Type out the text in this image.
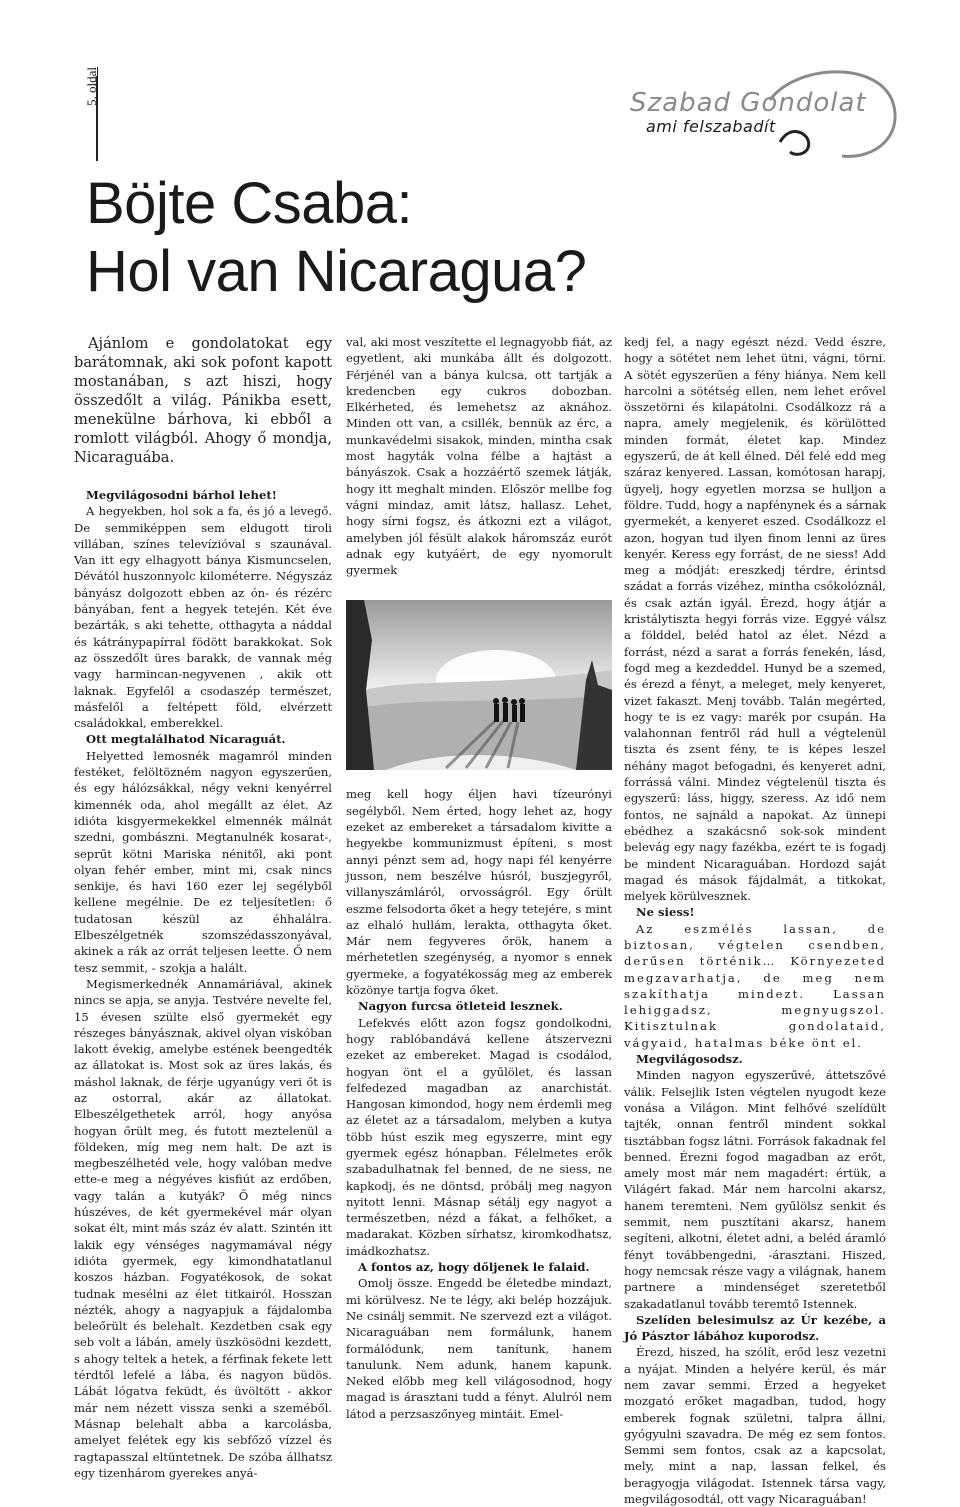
5. oldal	Szabad Gondolat
ami felszabadít
Böjte Csaba:
Hol van Nicaragua?

Ajánlom e gondolatokat egy barátomnak, aki sok pofont kapott mostanában, s azt hiszi, hogy összedőlt a világ. Pánikba esett, menekülne bárhova, ki ebből a romlott világból. Ahogy ő mondja, Nicaraguába.

Megvilágosodni bárhol lehet!

A hegyekben, hol sok a fa, és jó a levegő. De semmiképpen sem eldugott tiroli villában, színes televízióval s szaunával. Van itt egy elhagyott bánya Kismuncselen, Dévától huszonnyolc kilométerre. Négyszáz bányász dolgozott ebben az ón- és rézérc bányában, fent a hegyek tetején. Két éve bezárták, s aki tehette, otthagyta a náddal és kátránypapírral födött barakkokat. Sok az összedőlt üres barakk, de vannak még vagy harmincan-negyvenen , akik ott laknak. Egyfelől a csodaszép természet, másfelől a feltépett föld, elvérzett családokkal, emberekkel.

Ott megtalálhatod Nicaraguát.

Helyetted lemosnék magamról minden festéket, felöltözném nagyon egyszerűen, és egy hálózsákkal, négy vekni kenyérrel kimennék oda, ahol megállt az élet. Az idióta kisgyermekekkel elmennék málnát szedni, gombászni. Megtanulnék kosarat-, seprűt kötni Mariska nénitől, aki pont olyan fehér ember, mint mi, csak nincs senkije, és havi 160 ezer lej segélyből kellene megélnie. De ez teljesítetlen: ő tudatosan készül az éhhalálra. Elbeszélgetnék szomszédasszonyával, akinek a rák az orrát teljesen leette. Ő nem tesz semmit, - szokja a halált.

Megismerkednék Annamáriával, akinek nincs se apja, se anyja. Testvére nevelte fel, 15 évesen szülte első gyermekét egy részeges bányásznak, akivel olyan viskóban lakott évekig, amelybe estének beengedték az állatokat is. Most sok az üres lakás, és máshol laknak, de férje ugyanúgy veri őt is az ostorral, akár az állatokat. Elbeszélgethetek arról, hogy anyósa hogyan őrült meg, és futott meztelenül a földeken, míg meg nem halt. De azt is megbeszélhetéd vele, hogy valóban medve ette-e meg a négyéves kisfiút az erdőben, vagy talán a kutyák? Ő még nincs húszéves, de két gyermekével már olyan sokat élt, mint más száz év alatt. Szintén itt lakik egy vénséges nagymamával négy idióta gyermek, egy kimondhatatlanul koszos házban. Fogyatékosok, de sokat tudnak mesélni az élet titkairól. Hosszan nézték, ahogy a nagyapjuk a fájdalomba beleőrült és belehalt. Kezdetben csak egy seb volt a lábán, amely üszkösödni kezdett, s ahogy teltek a hetek, a férfinak fekete lett térdtől lefelé a lába, és nagyon büdös. Lábát lógatva feküdt, és üvöltött - akkor már nem nézett vissza senki a szeméből. Másnap belehalt abba a karcolásba, amelyet felétek egy kis sebfőző vízzel és ragtapasszal eltüntetnek. De szóba állhatsz egy tizenhárom gyerekes anyá-

val, aki most veszítette el legnagyobb fiát, az egyetlent, aki munkába állt és dolgozott. Férjénél van a bánya kulcsa, ott tartják a kredencben egy cukros dobozban. Elkérheted, és lemehetsz az aknához. Minden ott van, a csillék, bennük az érc, a munkavédelmi sisakok, minden, mintha csak most hagyták volna félbe a hajtást a bányászok. Csak a hozzáértő szemek látják, hogy itt meghalt minden. Először mellbe fog vágni mindaz, amit látsz, hallasz. Lehet, hogy sírni fogsz, és átkozni ezt a világot, amelyben jól fésült alakok háromszáz eurót adnak egy kutyáért, de egy nyomorult gyermek

meg kell hogy éljen havi tízeurónyi segélyből. Nem érted, hogy lehet az, hogy ezeket az embereket a társadalom kivitte a hegyekbe kommunizmust építeni, s most annyi pénzt sem ad, hogy napi fél kenyérre jusson, nem beszélve húsról, buszjegyről, villanyszámláról, orvosságról. Egy őrült eszme felsodorta őket a hegy tetejére, s mint az elhaló hullám, lerakta, otthagyta őket. Már nem fegyveres őrök, hanem a mérhetetlen szegénység, a nyomor s ennek gyermeke, a fogyatékosság meg az emberek közönye tartja fogva őket.

Nagyon furcsa ötleteid lesznek.

Lefekvés előtt azon fogsz gondolkodni, hogy rablóbandává kellene átszervezni ezeket az embereket. Magad is csodálod, hogyan önt el a gyűlölet, és lassan felfedezed magadban az anarchistát. Hangosan kimondod, hogy nem érdemli meg az életet az a társadalom, melyben a kutya több húst eszik meg egyszerre, mint egy gyermek egész hónapban. Félelmetes erők szabadulhatnak fel benned, de ne siess, ne kapkodj, és ne döntsd, próbálj meg nagyon nyitott lenni. Másnap sétálj egy nagyot a természetben, nézd a fákat, a felhőket, a madarakat. Közben sírhatsz, kiromkodhatsz, imádkozhatsz.

A fontos az, hogy dőljenek le falaid.

Omolj össze. Engedd be életedbe mindazt, mi körülvesz. Ne te légy, aki belép hozzájuk. Ne csinálj semmit. Ne szervezd ezt a világot. Nicaraguában nem formálunk, hanem formálódunk, nem tanítunk, hanem tanulunk. Nem adunk, hanem kapunk. Neked előbb meg kell világosodnod, hogy magad is árasztani tudd a fényt. Alulról nem látod a perzsaszőnyeg mintáit. Emel-

kedj fel, a nagy egészt nézd. Vedd észre, hogy a sötétet nem lehet ütni, vágni, törni. A sötét egyszerűen a fény hiánya. Nem kell harcolni a sötétség ellen, nem lehet erővel összetörni és kilapátolni. Csodálkozz rá a napra, amely megjelenik, és körülötted minden formát, életet kap. Mindez egyszerű, de át kell élned. Dél felé edd meg száraz kenyered. Lassan, komótosan harapj, ügyelj, hogy egyetlen morzsa se hulljon a földre. Tudd, hogy a napfénynek és a sárnak gyermekét, a kenyeret eszed. Csodálkozz el azon, hogyan tud ilyen finom lenni az üres kenyér. Keress egy forrást, de ne siess! Add meg a módját: ereszkedj térdre, érintsd szádat a forrás vizéhez, mintha csókolóznál, és csak aztán igyál. Érezd, hogy átjár a kristálytiszta hegyi forrás vize. Eggyé válsz a földdel, beléd hatol az élet. Nézd a forrást, nézd a sarat a forrás fenekén, lásd, fogd meg a kezdeddel. Hunyd be a szemed, és érezd a fényt, a meleget, mely kenyeret, vizet fakaszt. Menj tovább. Talán megérted, hogy te is ez vagy: marék por csupán. Ha valahonnan fentről rád hull a végtelenül tiszta és zsent fény, te is képes leszel néhány magot befogadni, és kenyeret adni, forrássá válni. Mindez végtelenül tiszta és egyszerű: láss, higgy, szeress. Az idő nem fontos, ne sajnáld a napokat. Az ünnepi ebédhez a szakácsnő sok-sok mindent belevág egy nagy fazékba, ezért te is fogadj be mindent Nicaraguában. Hordozd saját magad és mások fájdalmát, a titkokat, melyek körülvesznek.

Ne siess!

Az eszmélés lassan, de biztosan, végtelen csendben, derűsen történik… Környezeted megzavarhatja, de meg nem szakíthatja mindezt. Lassan lehiggadsz, megnyugszol. Kitisztulnak gondolataid, vágyaid, hatalmas béke önt el.

Megvilágosodsz.

Minden nagyon egyszerűvé, áttetszővé válik. Felsejlik Isten végtelen nyugodt keze vonása a Világon. Mint felhővé szelídült tajték, onnan fentről mindent sokkal tisztábban fogsz látni. Források fakadnak fel benned. Érezni fogod magadban az erőt, amely most már nem magadért: értük, a Világért fakad. Már nem harcolni akarsz, hanem teremteni. Nem gyűlölsz senkit és semmit, nem pusztítani akarsz, hanem segíteni, alkotni, életet adni, a beléd áramló fényt továbbengedni, -árasztani. Hiszed, hogy nemcsak része vagy a világnak, hanem partnere a mindenséget szeretetből szakadatlanul tovább teremtő Istennek.

Szelíden belesimulsz az Úr kezébe, a Jó Pásztor lábához kuporodsz.

Érezd, hiszed, ha szólít, erőd lesz vezetni a nyájat. Minden a helyére kerül, és már nem zavar semmi. Érzed a hegyeket mozgató erőket magadban, tudod, hogy emberek fognak születni, talpra állni, gyógyulni szavadra. De még ez sem fontos. Semmi sem fontos, csak az a kapcsolat, mely, mint a nap, lassan felkel, és beragyogja világodat. Istennek társa vagy, megvilágosodtál, ott vagy Nicaraguában!
